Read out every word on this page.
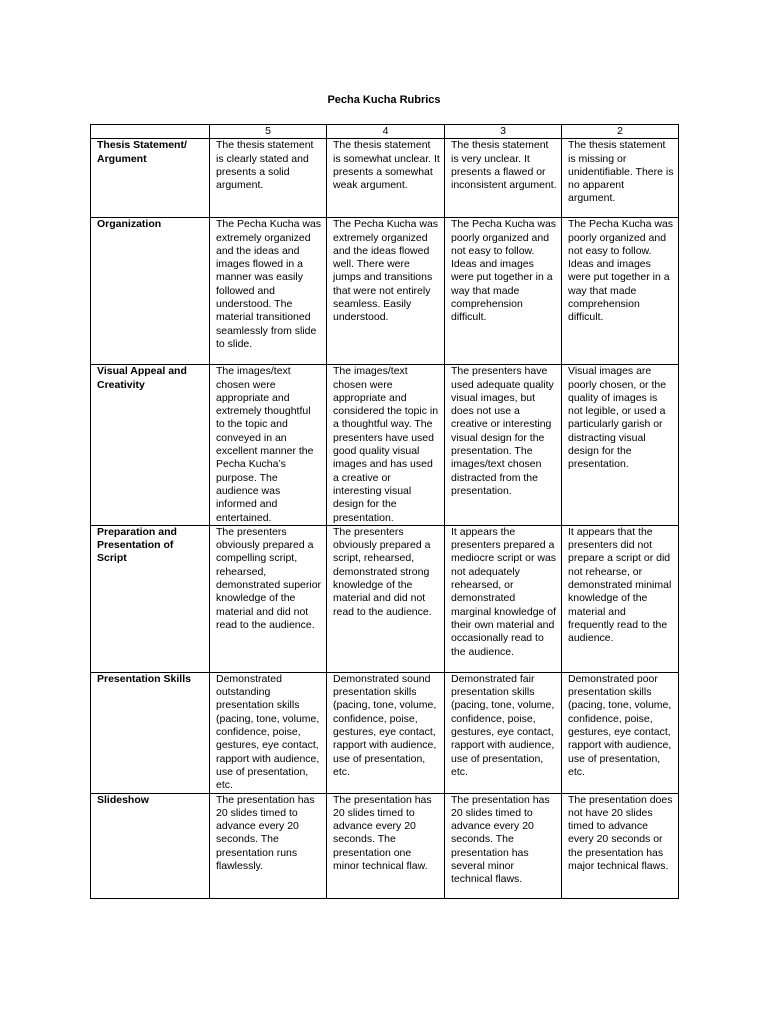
Pecha Kucha Rubrics
	5	4	3	2
Thesis Statement/ Argument	The thesis statement is clearly stated and presents a solid argument.	The thesis statement is somewhat unclear. It presents a somewhat weak argument.	The thesis statement is very unclear. It presents a flawed or inconsistent argument.	The thesis statement is missing or unidentifiable. There is no apparent argument.
Organization	The Pecha Kucha was extremely organized and the ideas and images flowed in a manner was easily followed and understood. The material transitioned seamlessly from slide to slide.	The Pecha Kucha was extremely organized and the ideas flowed well. There were jumps and transitions that were not entirely seamless. Easily understood.	The Pecha Kucha was poorly organized and not easy to follow. Ideas and images were put together in a way that made comprehension difficult.	The Pecha Kucha was poorly organized and not easy to follow. Ideas and images were put together in a way that made comprehension difficult.
Visual Appeal and Creativity	The images/text chosen were appropriate and extremely thoughtful to the topic and conveyed in an excellent manner the Pecha Kucha’s purpose. The audience was informed and entertained.	The images/text chosen were appropriate and considered the topic in a thoughtful way. The presenters have used good quality visual images and has used a creative or interesting visual design for the presentation.	The presenters have used adequate quality visual images, but does not use a creative or interesting visual design for the presentation. The images/text chosen distracted from the presentation.	Visual images are poorly chosen, or the quality of images is not legible, or used a particularly garish or distracting visual design for the presentation.
Preparation and Presentation of Script	The presenters obviously prepared a compelling script, rehearsed, demonstrated superior knowledge of the material and did not read to the audience.	The presenters obviously prepared a script, rehearsed, demonstrated strong knowledge of the material and did not read to the audience.	It appears the presenters prepared a mediocre script or was not adequately rehearsed, or demonstrated marginal knowledge of their own material and occasionally read to the audience.	It appears that the presenters did not prepare a script or did not rehearse, or demonstrated minimal knowledge of the material and frequently read to the audience.
Presentation Skills	Demonstrated outstanding presentation skills (pacing, tone, volume, confidence, poise, gestures, eye contact, rapport with audience, use of presentation, etc.	Demonstrated sound presentation skills (pacing, tone, volume, confidence, poise, gestures, eye contact, rapport with audience, use of presentation, etc.	Demonstrated fair presentation skills (pacing, tone, volume, confidence, poise, gestures, eye contact, rapport with audience, use of presentation, etc.	Demonstrated poor presentation skills (pacing, tone, volume, confidence, poise, gestures, eye contact, rapport with audience, use of presentation, etc.
Slideshow	The presentation has 20 slides timed to advance every 20 seconds. The presentation runs flawlessly.	The presentation has 20 slides timed to advance every 20 seconds. The presentation one minor technical flaw.	The presentation has 20 slides timed to advance every 20 seconds. The presentation has several minor technical flaws.	The presentation does not have 20 slides timed to advance every 20 seconds or the presentation has major technical flaws.
